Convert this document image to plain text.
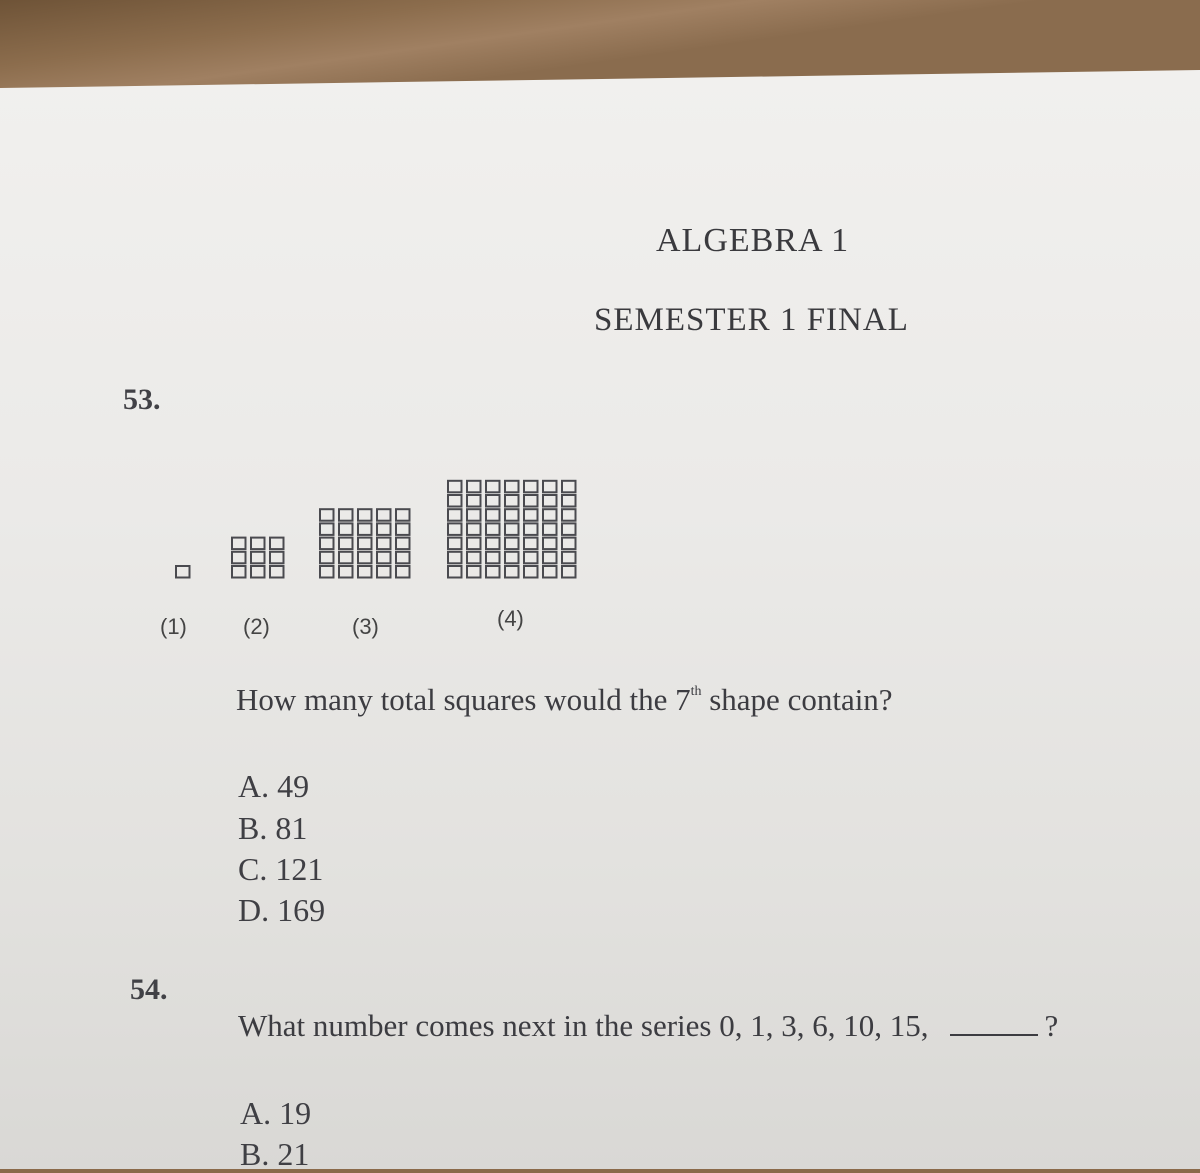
ALGEBRA 1
SEMESTER 1 FINAL
53.
(1)	(2)	(3)	(4)
How many total squares would the 7th shape contain?
A. 49
B. 81
C. 121
D. 169
54.
What number comes next in the series 0, 1, 3, 6, 10, 15,	?
A. 19
B. 21
